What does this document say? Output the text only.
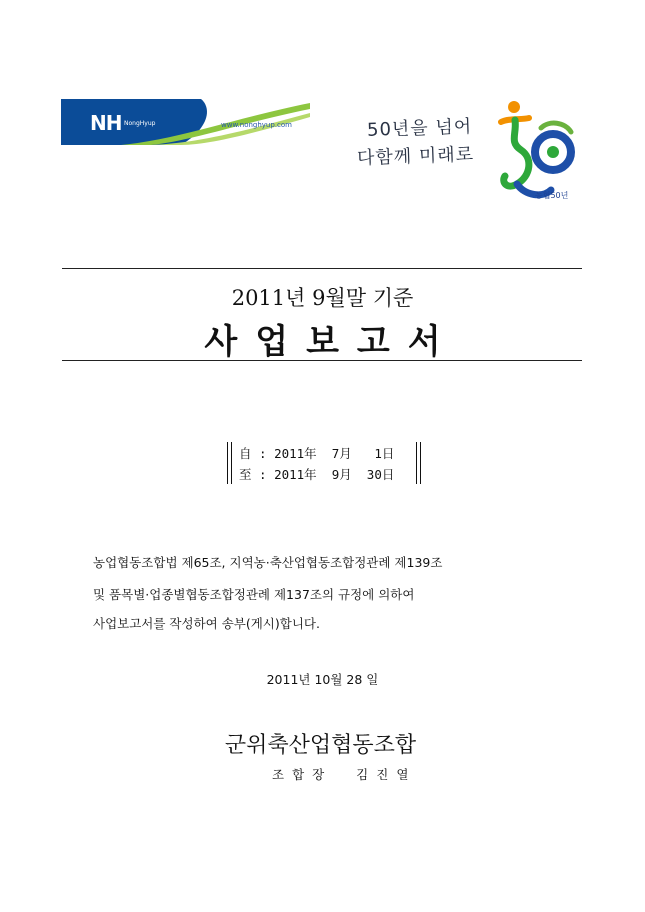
NH NongHyup	www.nonghyup.com	50년을 넘어
다함께 미래로
농협50년
2011년 9월말 기준
사업보고서
自 : 2011年  7月   1日
至 : 2011年  9月  30日
농업협동조합법 제65조, 지역농·축산업협동조합정관례 제139조
및 품목별·업종별협동조합정관례 제137조의 규정에 의하여
사업보고서를 작성하여 송부(게시)합니다.
2011년 10월 28 일
군위축산업협동조합
조합장  김진열
